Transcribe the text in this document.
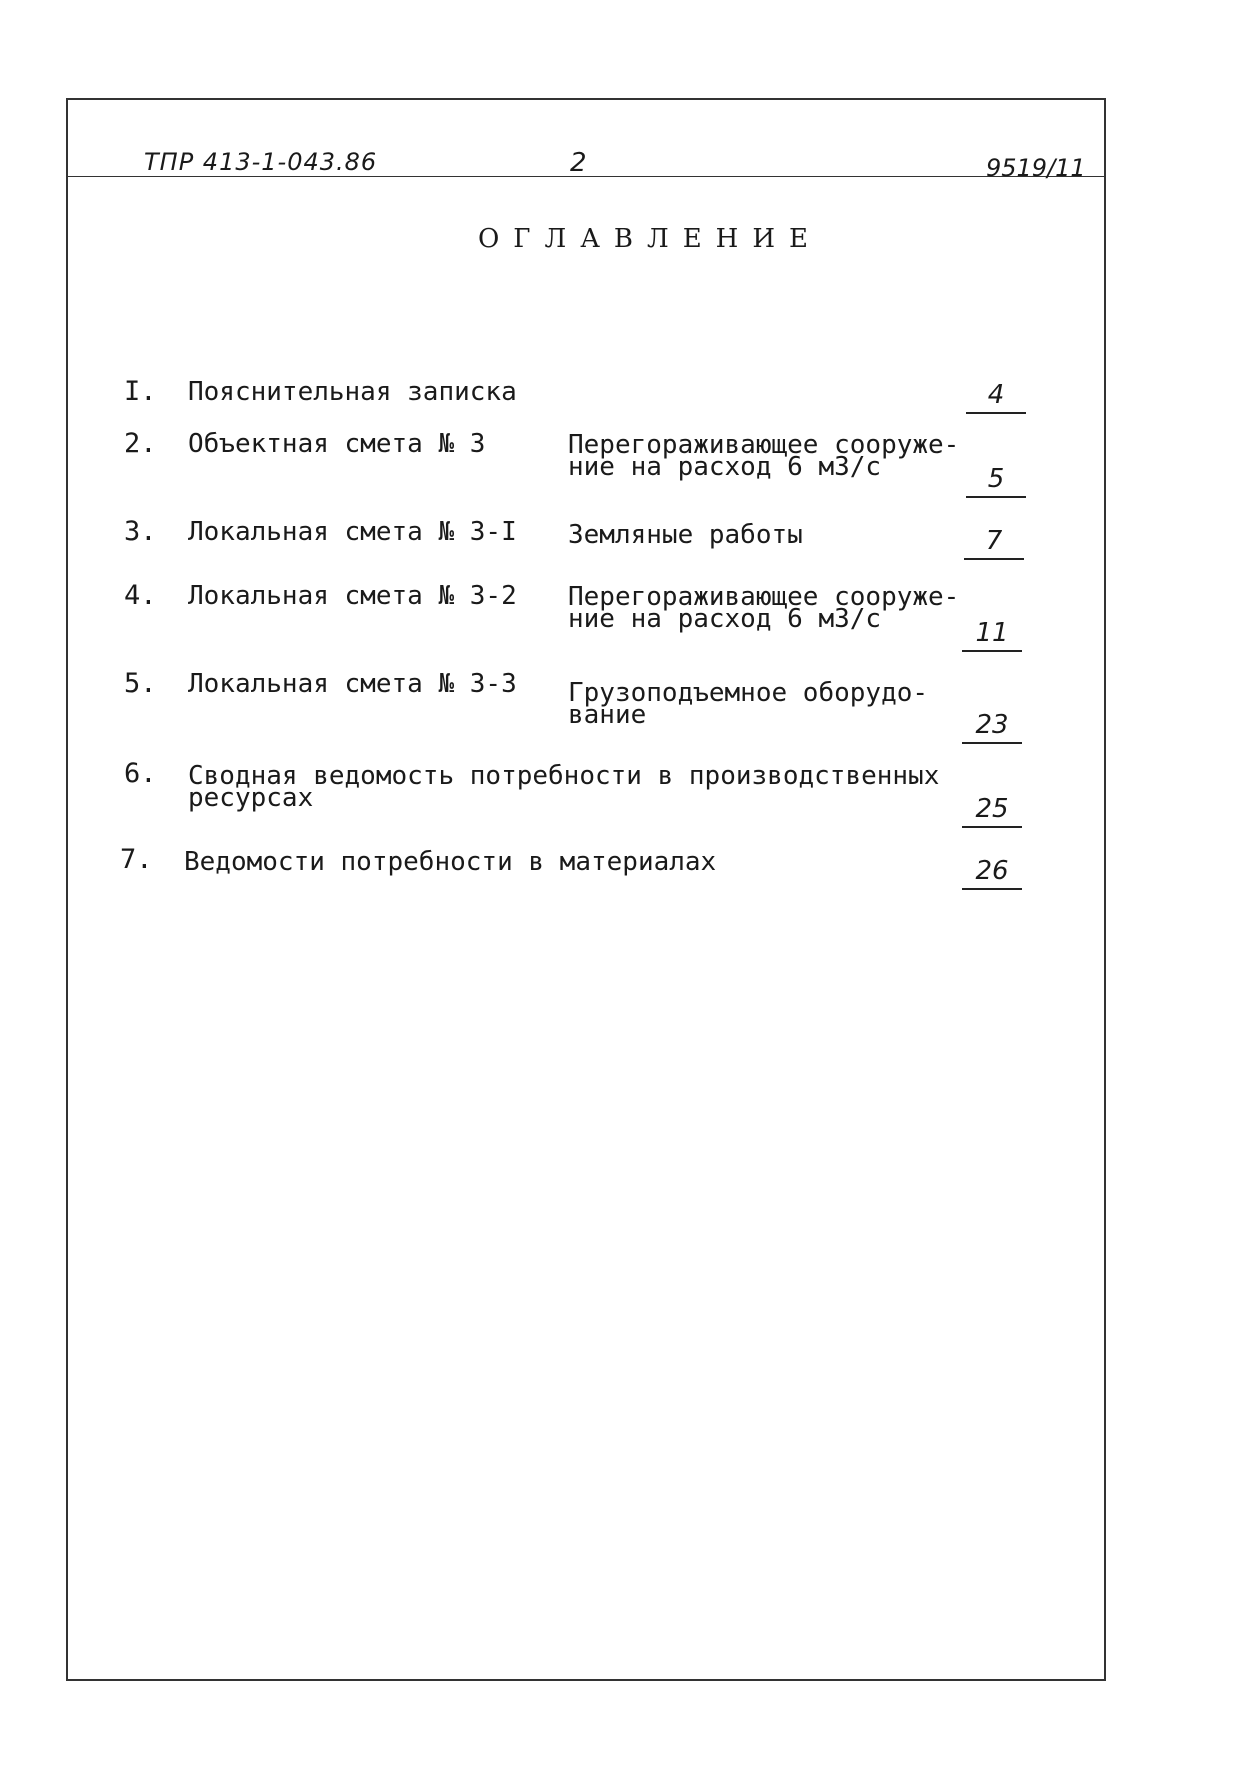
ТПР 413-1-043.86	2	9519/11
ОГЛАВЛЕНИЕ
I. Пояснительная записка	4
2. Объектная смета № 3	Перегораживающее сооруже-
ние на расход 6 м3/с	5
3. Локальная смета № 3-I Земляные работы	7
4. Локальная смета № 3-2 Перегораживающее сооруже-
ние на расход 6 м3/с	11
5. Локальная смета № 3-3 Грузоподъемное оборудо-
вание	23
6. Сводная ведомость потребности в производственных
ресурсах	25
7. Ведомости потребности в материалах	26
